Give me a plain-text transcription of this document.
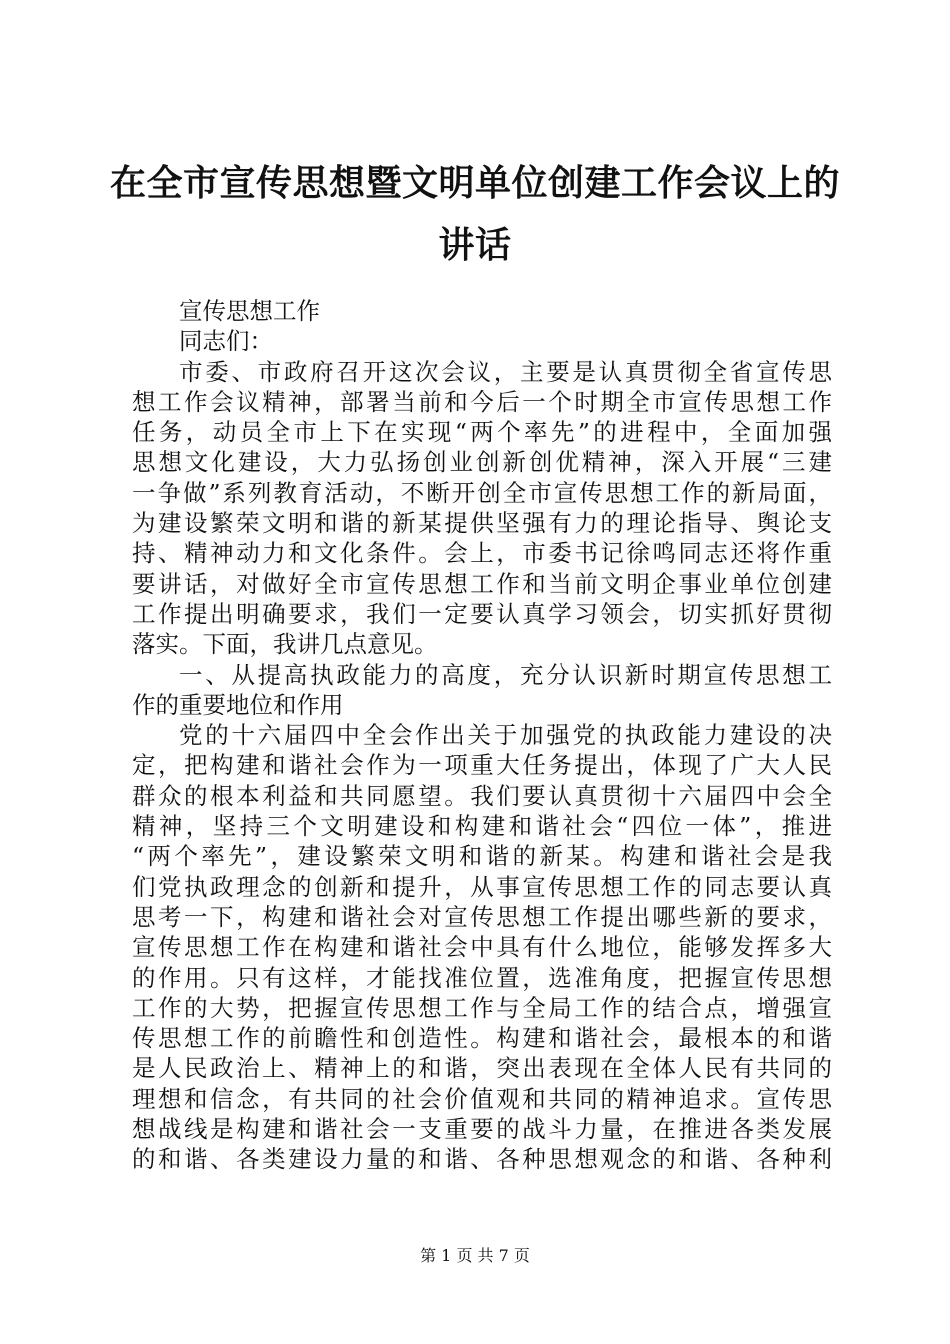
在全市宣传思想暨文明单位创建工作会议上的
讲话
宣传思想工作
同志们：
市委、市政府召开这次会议，主要是认真贯彻全省宣传思
想工作会议精神，部署当前和今后一个时期全市宣传思想工作
任务，动员全市上下在实现“两个率先”的进程中，全面加强
思想文化建设，大力弘扬创业创新创优精神，深入开展“三建
一争做”系列教育活动，不断开创全市宣传思想工作的新局面，
为建设繁荣文明和谐的新某提供坚强有力的理论指导、舆论支
持、精神动力和文化条件。会上，市委书记徐鸣同志还将作重
要讲话，对做好全市宣传思想工作和当前文明企事业单位创建
工作提出明确要求，我们一定要认真学习领会，切实抓好贯彻
落实。下面，我讲几点意见。
一、从提高执政能力的高度，充分认识新时期宣传思想工
作的重要地位和作用
党的十六届四中全会作出关于加强党的执政能力建设的决
定，把构建和谐社会作为一项重大任务提出，体现了广大人民
群众的根本利益和共同愿望。我们要认真贯彻十六届四中会全
精神，坚持三个文明建设和构建和谐社会“四位一体”，推进
“两个率先”，建设繁荣文明和谐的新某。构建和谐社会是我
们党执政理念的创新和提升，从事宣传思想工作的同志要认真
思考一下，构建和谐社会对宣传思想工作提出哪些新的要求，
宣传思想工作在构建和谐社会中具有什么地位，能够发挥多大
的作用。只有这样，才能找准位置，选准角度，把握宣传思想
工作的大势，把握宣传思想工作与全局工作的结合点，增强宣
传思想工作的前瞻性和创造性。构建和谐社会，最根本的和谐
是人民政治上、精神上的和谐，突出表现在全体人民有共同的
理想和信念，有共同的社会价值观和共同的精神追求。宣传思
想战线是构建和谐社会一支重要的战斗力量，在推进各类发展
的和谐、各类建设力量的和谐、各种思想观念的和谐、各种利
第 1 页 共 7 页
